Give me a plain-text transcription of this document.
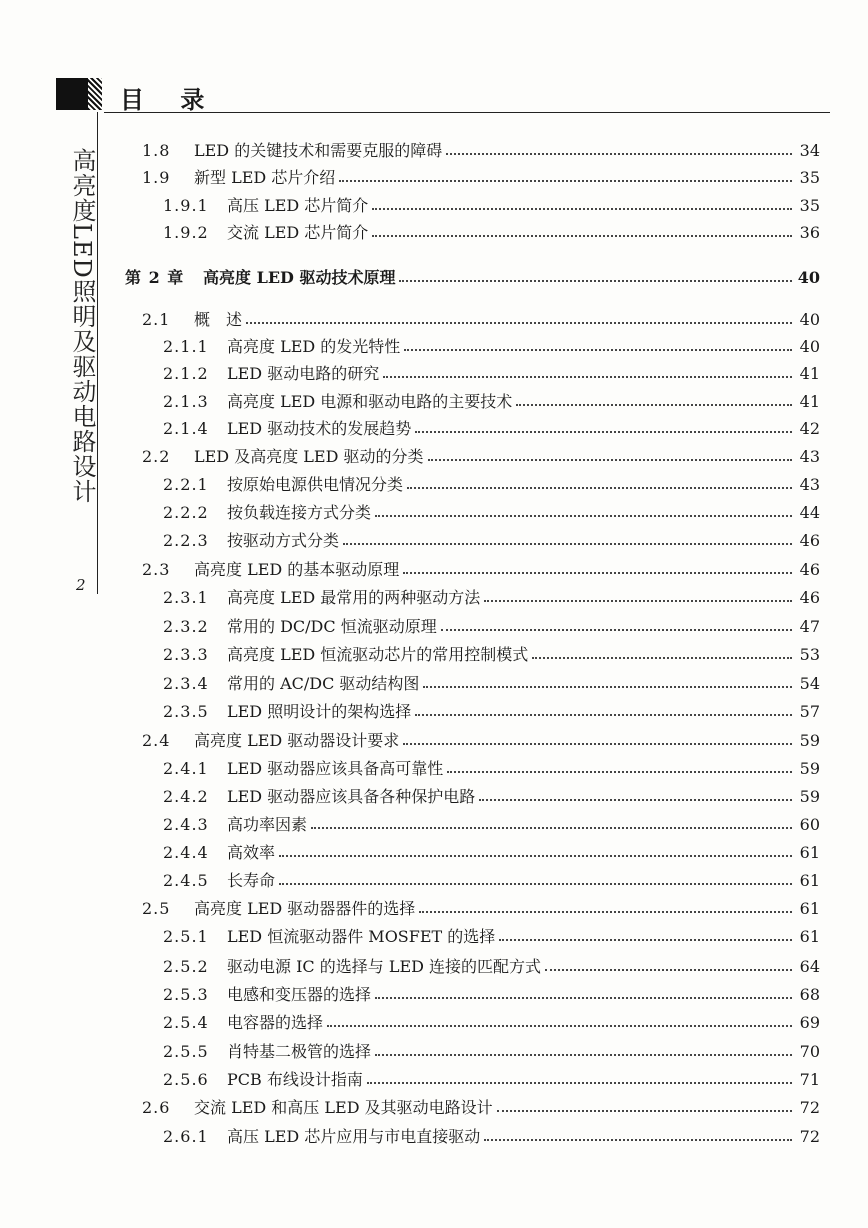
目 录
高亮度LED照明及驱动电路设计
2
1.8	LED 的关键技术和需要克服的障碍	34
1.9	新型 LED 芯片介绍	35
1.9.1	高压 LED 芯片简介	35
1.9.2	交流 LED 芯片简介	36
第 2 章	高亮度 LED 驱动技术原理	40
2.1	概　述	40
2.1.1	高亮度 LED 的发光特性	40
2.1.2	LED 驱动电路的研究	41
2.1.3	高亮度 LED 电源和驱动电路的主要技术	41
2.1.4	LED 驱动技术的发展趋势	42
2.2	LED 及高亮度 LED 驱动的分类	43
2.2.1	按原始电源供电情况分类	43
2.2.2	按负载连接方式分类	44
2.2.3	按驱动方式分类	46
2.3	高亮度 LED 的基本驱动原理	46
2.3.1	高亮度 LED 最常用的两种驱动方法	46
2.3.2	常用的 DC/DC 恒流驱动原理	47
2.3.3	高亮度 LED 恒流驱动芯片的常用控制模式	53
2.3.4	常用的 AC/DC 驱动结构图	54
2.3.5	LED 照明设计的架构选择	57
2.4	高亮度 LED 驱动器设计要求	59
2.4.1	LED 驱动器应该具备高可靠性	59
2.4.2	LED 驱动器应该具备各种保护电路	59
2.4.3	高功率因素	60
2.4.4	高效率	61
2.4.5	长寿命	61
2.5	高亮度 LED 驱动器器件的选择	61
2.5.1	LED 恒流驱动器件 MOSFET 的选择	61
2.5.2	驱动电源 IC 的选择与 LED 连接的匹配方式	64
2.5.3	电感和变压器的选择	68
2.5.4	电容器的选择	69
2.5.5	肖特基二极管的选择	70
2.5.6	PCB 布线设计指南	71
2.6	交流 LED 和高压 LED 及其驱动电路设计	72
2.6.1	高压 LED 芯片应用与市电直接驱动	72
